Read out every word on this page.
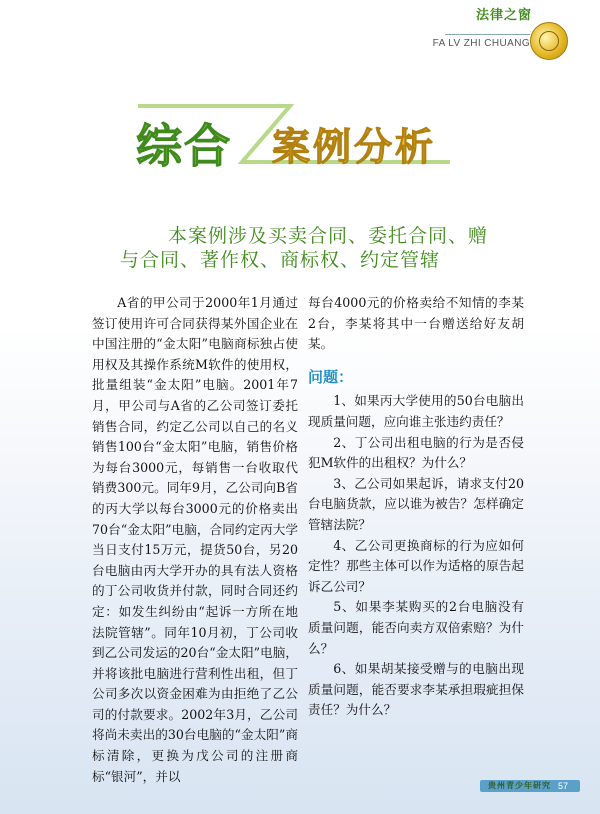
法律之窗
FA LV ZHI CHUANG
综合 案例分析
本案例涉及买卖合同、委托合同、赠
与合同、著作权、商标权、约定管辖

A省的甲公司于2000年1月通过签订使用许可合同获得某外国企业在中国注册的“金太阳”电脑商标独占使用权及其操作系统M软件的使用权，批量组装“金太阳”电脑。2001年7月，甲公司与A省的乙公司签订委托销售合同，约定乙公司以自己的名义销售100台“金太阳”电脑，销售价格为每台3000元，每销售一台收取代销费300元。同年9月，乙公司向B省的丙大学以每台3000元的价格卖出70台“金太阳”电脑，合同约定丙大学当日支付15万元，提货50台，另20台电脑由丙大学开办的具有法人资格的丁公司收货并付款，同时合同还约定：如发生纠纷由“起诉一方所在地法院管辖”。同年10月初，丁公司收到乙公司发运的20台“金太阳”电脑，并将该批电脑进行营利性出租，但丁公司多次以资金困难为由拒绝了乙公司的付款要求。2002年3月，乙公司将尚未卖出的30台电脑的“金太阳”商标清除，更换为戊公司的注册商标“银河”，并以

每台4000元的价格卖给不知情的李某2台，李某将其中一台赠送给好友胡某。

问题：

1、如果丙大学使用的50台电脑出现质量问题，应向谁主张违约责任？

2、丁公司出租电脑的行为是否侵犯M软件的出租权？为什么？

3、乙公司如果起诉，请求支付20台电脑货款，应以谁为被告？怎样确定管辖法院？

4、乙公司更换商标的行为应如何定性？那些主体可以作为适格的原告起诉乙公司？

5、如果李某购买的2台电脑没有质量问题，能否向卖方双倍索赔？为什么？

6、如果胡某接受赠与的电脑出现质量问题，能否要求李某承担瑕疵担保责任？为什么？

贵州青少年研究 57
